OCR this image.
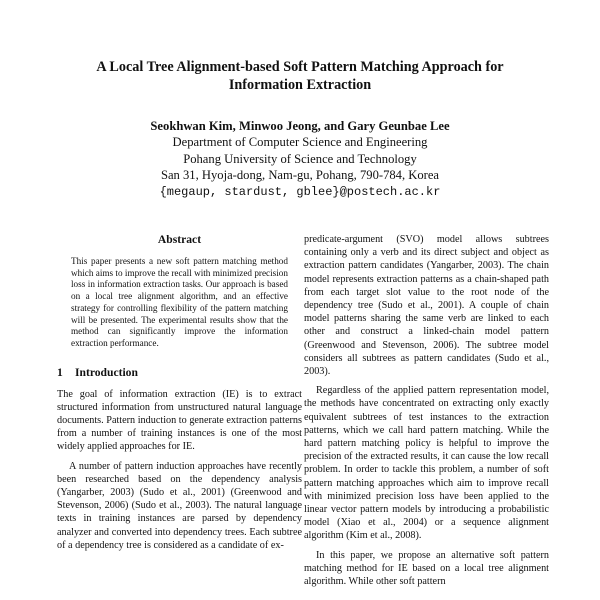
A Local Tree Alignment-based Soft Pattern Matching Approach for Information Extraction
Seokhwan Kim, Minwoo Jeong, and Gary Geunbae Lee
Department of Computer Science and Engineering
Pohang University of Science and Technology
San 31, Hyoja-dong, Nam-gu, Pohang, 790-784, Korea
{megaup, stardust, gblee}@postech.ac.kr
Abstract
This paper presents a new soft pattern matching method which aims to improve the recall with minimized precision loss in information extraction tasks. Our approach is based on a local tree alignment algorithm, and an effective strategy for controlling flexibility of the pattern matching will be presented. The experimental results show that the method can significantly improve the information extraction performance.
1 Introduction

The goal of information extraction (IE) is to extract structured information from unstructured natural language documents. Pattern induction to generate extraction patterns from a number of training instances is one of the most widely applied approaches for IE.

A number of pattern induction approaches have recently been researched based on the dependency analysis (Yangarber, 2003) (Sudo et al., 2001) (Greenwood and Stevenson, 2006) (Sudo et al., 2003). The natural language texts in training instances are parsed by dependency analyzer and converted into dependency trees. Each subtree of a dependency tree is considered as a candidate of ex-

predicate-argument (SVO) model allows subtrees containing only a verb and its direct subject and object as extraction pattern candidates (Yangarber, 2003). The chain model represents extraction patterns as a chain-shaped path from each target slot value to the root node of the dependency tree (Sudo et al., 2001). A couple of chain model patterns sharing the same verb are linked to each other and construct a linked-chain model pattern (Greenwood and Stevenson, 2006). The subtree model considers all subtrees as pattern candidates (Sudo et al., 2003).

Regardless of the applied pattern representation model, the methods have concentrated on extracting only exactly equivalent subtrees of test instances to the extraction patterns, which we call hard pattern matching. While the hard pattern matching policy is helpful to improve the precision of the extracted results, it can cause the low recall problem. In order to tackle this problem, a number of soft pattern matching approaches which aim to improve recall with minimized precision loss have been applied to the linear vector pattern models by introducing a probabilistic model (Xiao et al., 2004) or a sequence alignment algorithm (Kim et al., 2008).

In this paper, we propose an alternative soft pattern matching method for IE based on a local tree alignment algorithm. While other soft pattern
